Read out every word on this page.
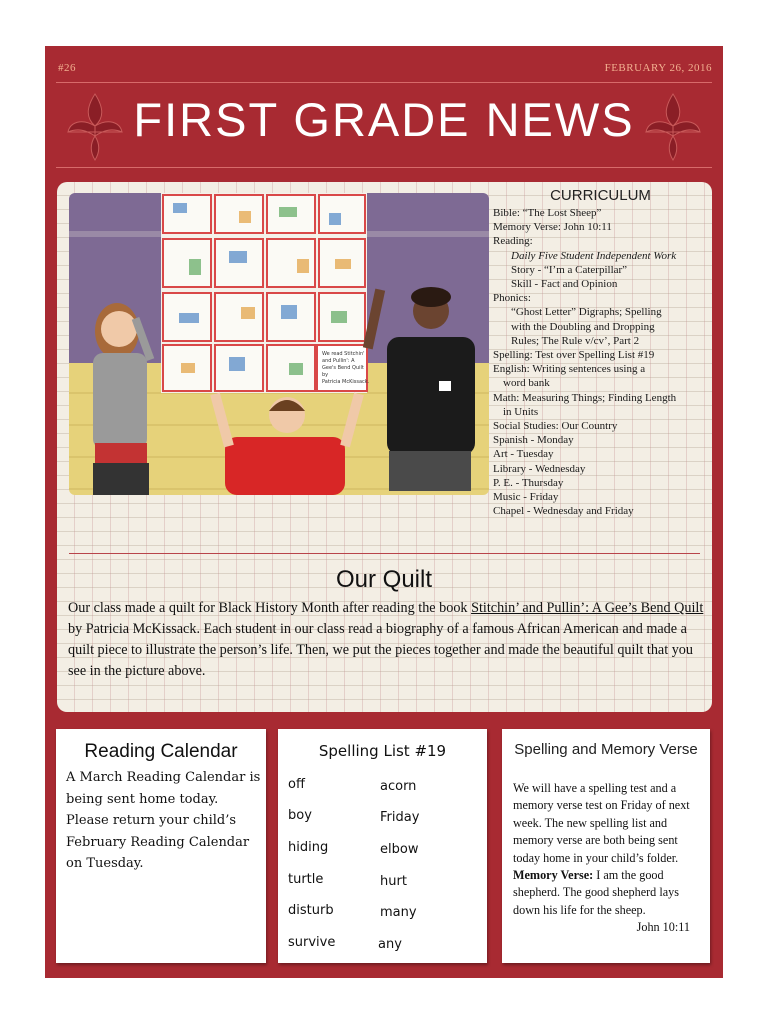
#26	FEBRUARY 26, 2016
FIRST GRADE NEWS
We read Stitchin'
and Pullin': A
Gee's Bend Quilt
by
Patricia McKissack.
CURRICULUM
Bible: “The Lost Sheep”
Memory Verse: John 10:11
Reading:
Daily Five Student Independent Work
Story - “I’m a Caterpillar”
Skill - Fact and Opinion
Phonics:
“Ghost Letter” Digraphs; Spelling
with the Doubling and Dropping
Rules; The Rule v/cv’, Part 2
Spelling: Test over Spelling List #19
English: Writing sentences using a
word bank
Math: Measuring Things; Finding Length
in Units
Social Studies: Our Country
Spanish - Monday
Art - Tuesday
Library - Wednesday
P. E. - Thursday
Music - Friday
Chapel - Wednesday and Friday
Our Quilt
Our class made a quilt for Black History Month after reading the book Stitchin’ and Pullin’: A Gee’s Bend Quilt by Patricia McKissack. Each student in our class read a biography of a famous African American and made a quilt piece to illustrate the person’s life. Then, we put the pieces together and made the beautiful quilt that you see in the picture above.
Reading Calendar
A March Reading Calendar is being sent home today. Please return your child’s February Reading Calendar on Tuesday.
Spelling List #19
off
boy
hiding
turtle
disturb
survive
acorn
Friday
elbow
hurt
many
any
Spelling and Memory Verse
We will have a spelling test and a memory verse test on Friday of next week. The new spelling list and memory verse are both being sent today home in your child’s folder.
Memory Verse: I am the good shepherd. The good shepherd lays down his life for the sheep.
John 10:11
